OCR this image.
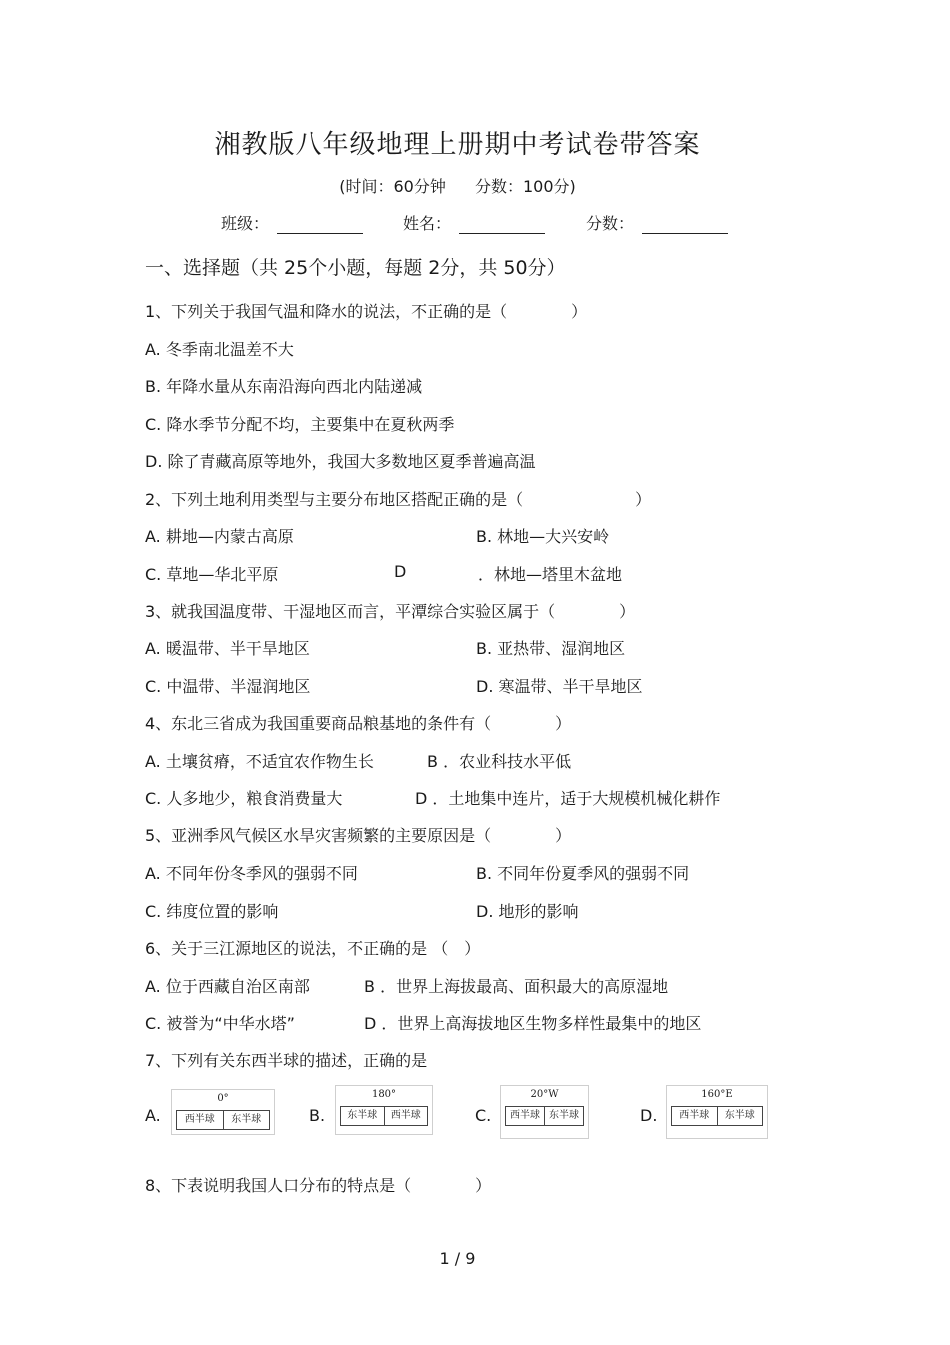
湘教版八年级地理上册期中考试卷带答案
(时间：60分钟 分数：100分)
班级：	姓名：	分数：
一、选择题（共 25个小题，每题 2分，共 50分）
1、下列关于我国气温和降水的说法，不正确的是（　　　　）
A. 冬季南北温差不大
B. 年降水量从东南沿海向西北内陆递减
C. 降水季节分配不均，主要集中在夏秋两季
D. 除了青藏高原等地外，我国大多数地区夏季普遍高温
2、下列土地利用类型与主要分布地区搭配正确的是（　　　　　　　）
A. 耕地—内蒙古高原	B. 林地—大兴安岭
C. 草地—华北平原	D	．林地—塔里木盆地
3、就我国温度带、干湿地区而言，平潭综合实验区属于（　　　　）
A. 暖温带、半干旱地区	B. 亚热带、湿润地区
C. 中温带、半湿润地区	D. 寒温带、半干旱地区
4、东北三省成为我国重要商品粮基地的条件有（　　　　）
A. 土壤贫瘠，不适宜农作物生长	B ．农业科技水平低
C. 人多地少，粮食消费量大	D ．土地集中连片，适于大规模机械化耕作
5、亚洲季风气候区水旱灾害频繁的主要原因是（　　　　）
A. 不同年份冬季风的强弱不同	B. 不同年份夏季风的强弱不同
C. 纬度位置的影响	D. 地形的影响
6、关于三江源地区的说法，不正确的是 （　）
A. 位于西藏自治区南部	B ．世界上海拔最高、面积最大的高原湿地
C. 被誉为“中华水塔”	D ．世界上高海拔地区生物多样性最集中的地区
7、下列有关东西半球的描述，正确的是
A.
0°
西半球	东半球	B.
180°
东半球	西半球	C.
20°W
西半球 东半球	D.
160°E
西半球	东半球
8、下表说明我国人口分布的特点是（　　　　）
1 / 9
